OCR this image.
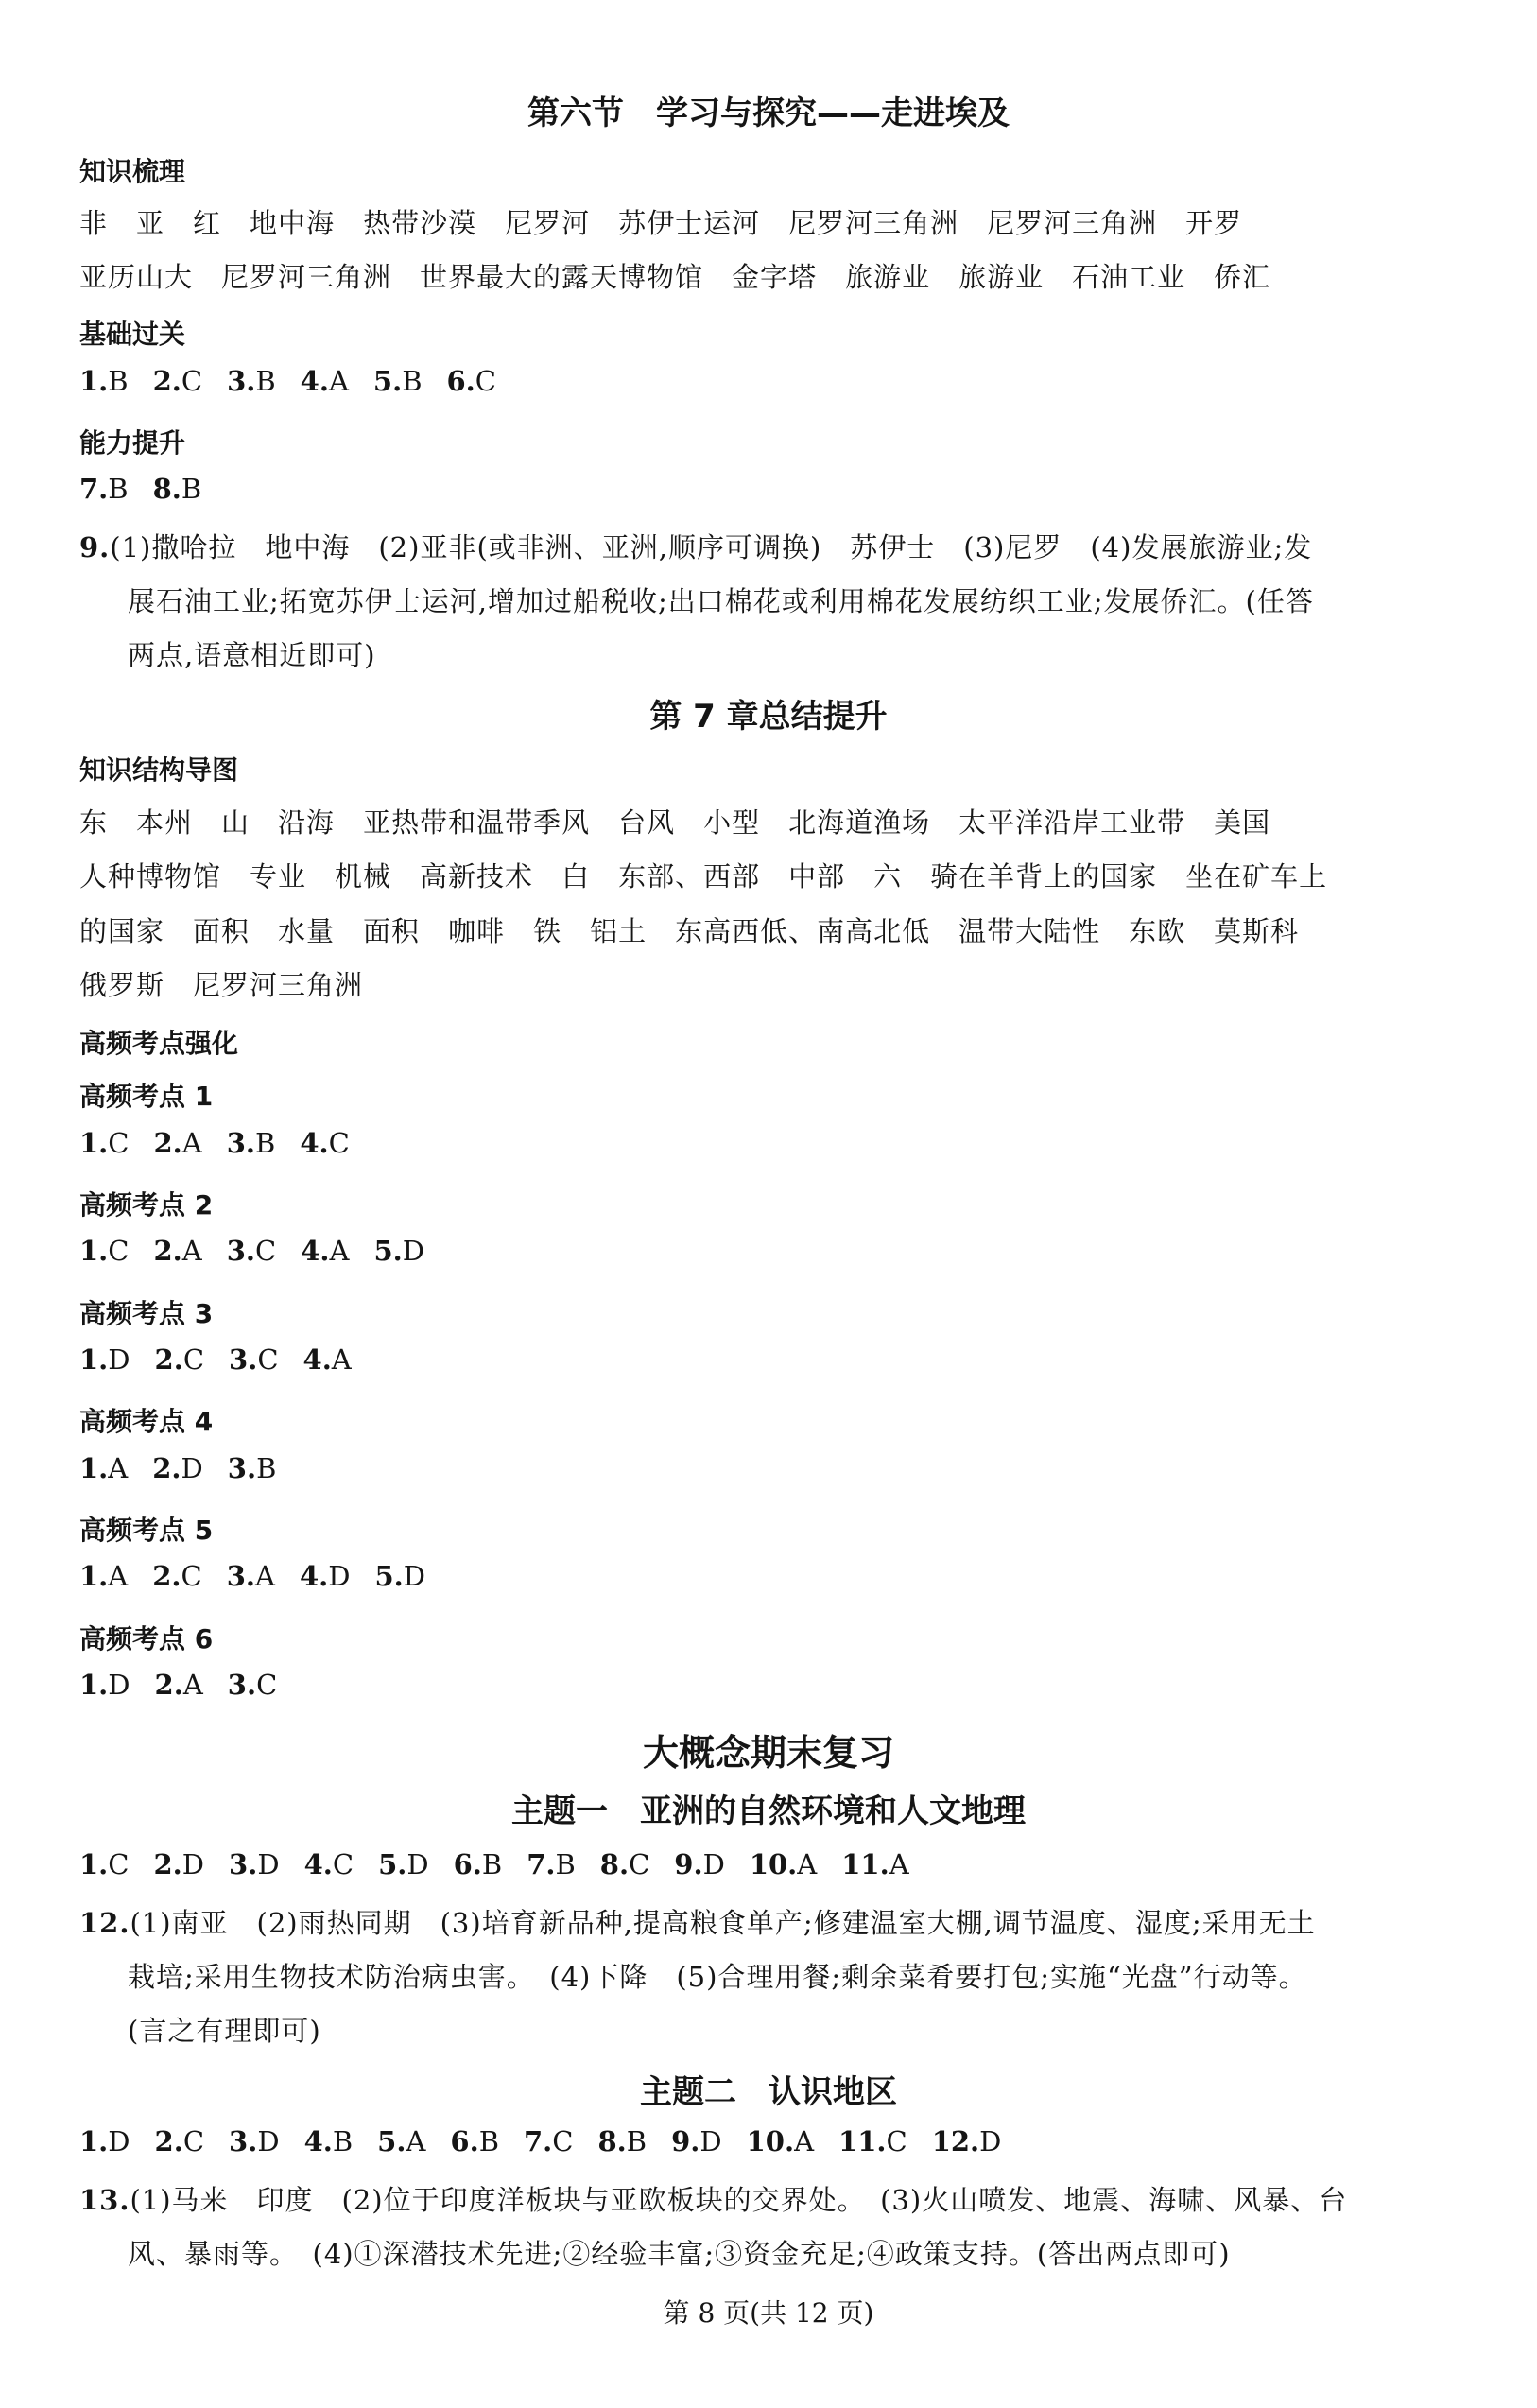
第六节　学习与探究——走进埃及
知识梳理
非 亚 红 地中海 热带沙漠 尼罗河 苏伊士运河 尼罗河三角洲 尼罗河三角洲 开罗
亚历山大 尼罗河三角洲 世界最大的露天博物馆 金字塔 旅游业 旅游业 石油工业 侨汇
基础过关
1.B 2.C 3.B 4.A 5.B 6.C
能力提升
7.B 8.B
9.(1)撒哈拉　地中海　(2)亚非(或非洲、亚洲,顺序可调换)　苏伊士　(3)尼罗　(4)发展旅游业;发
展石油工业;拓宽苏伊士运河,增加过船税收;出口棉花或利用棉花发展纺织工业;发展侨汇。(任答
两点,语意相近即可)
第 7 章总结提升
知识结构导图
东 本州 山 沿海 亚热带和温带季风 台风 小型 北海道渔场 太平洋沿岸工业带 美国
人种博物馆 专业 机械 高新技术 白 东部、西部 中部 六 骑在羊背上的国家 坐在矿车上
的国家 面积 水量 面积 咖啡 铁 铝土 东高西低、南高北低 温带大陆性 东欧 莫斯科
俄罗斯 尼罗河三角洲
高频考点强化
高频考点 1
1.C 2.A 3.B 4.C
高频考点 2
1.C 2.A 3.C 4.A 5.D
高频考点 3
1.D 2.C 3.C 4.A
高频考点 4
1.A 2.D 3.B
高频考点 5
1.A 2.C 3.A 4.D 5.D
高频考点 6
1.D 2.A 3.C
大概念期末复习
主题一　亚洲的自然环境和人文地理
1.C 2.D 3.D 4.C 5.D 6.B 7.B 8.C 9.D 10.A 11.A
12.(1)南亚　(2)雨热同期　(3)培育新品种,提高粮食单产;修建温室大棚,调节温度、湿度;采用无土
栽培;采用生物技术防治病虫害。　(4)下降　(5)合理用餐;剩余菜肴要打包;实施“光盘”行动等。
(言之有理即可)
主题二　认识地区
1.D 2.C 3.D 4.B 5.A 6.B 7.C 8.B 9.D 10.A 11.C 12.D
13.(1)马来　印度　(2)位于印度洋板块与亚欧板块的交界处。　(3)火山喷发、地震、海啸、风暴、台
风、暴雨等。　(4)①深潜技术先进;②经验丰富;③资金充足;④政策支持。(答出两点即可)
第 8 页(共 12 页)
